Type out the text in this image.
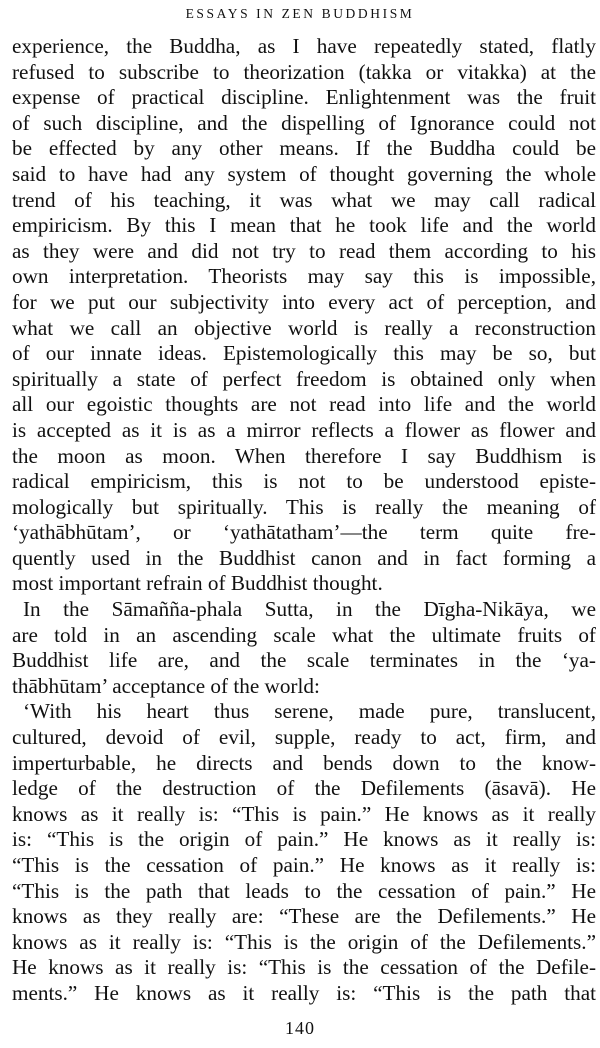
ESSAYS IN ZEN BUDDHISM
experience, the Buddha, as I have repeatedly stated, flatly
refused to subscribe to theorization (takka or vitakka) at the
expense of practical discipline. Enlightenment was the fruit
of such discipline, and the dispelling of Ignorance could not
be effected by any other means. If the Buddha could be
said to have had any system of thought governing the whole
trend of his teaching, it was what we may call radical
empiricism. By this I mean that he took life and the world
as they were and did not try to read them according to his
own interpretation. Theorists may say this is impossible,
for we put our subjectivity into every act of perception, and
what we call an objective world is really a reconstruction
of our innate ideas. Epistemologically this may be so, but
spiritually a state of perfect freedom is obtained only when
all our egoistic thoughts are not read into life and the world
is accepted as it is as a mirror reflects a flower as flower and
the moon as moon. When therefore I say Buddhism is
radical empiricism, this is not to be understood episte-
mologically but spiritually. This is really the meaning of
‘yathābhūtam’, or ‘yathātatham’—the term quite fre-
quently used in the Buddhist canon and in fact forming a
most important refrain of Buddhist thought.
In the Sāmañña-phala Sutta, in the Dīgha-Nikāya, we
are told in an ascending scale what the ultimate fruits of
Buddhist life are, and the scale terminates in the ‘ya-
thābhūtam’ acceptance of the world:
‘With his heart thus serene, made pure, translucent,
cultured, devoid of evil, supple, ready to act, firm, and
imperturbable, he directs and bends down to the know-
ledge of the destruction of the Defilements (āsavā). He
knows as it really is: “This is pain.” He knows as it really
is: “This is the origin of pain.” He knows as it really is:
“This is the cessation of pain.” He knows as it really is:
“This is the path that leads to the cessation of pain.” He
knows as they really are: “These are the Defilements.” He
knows as it really is: “This is the origin of the Defilements.”
He knows as it really is: “This is the cessation of the Defile-
ments.” He knows as it really is: “This is the path that
140
